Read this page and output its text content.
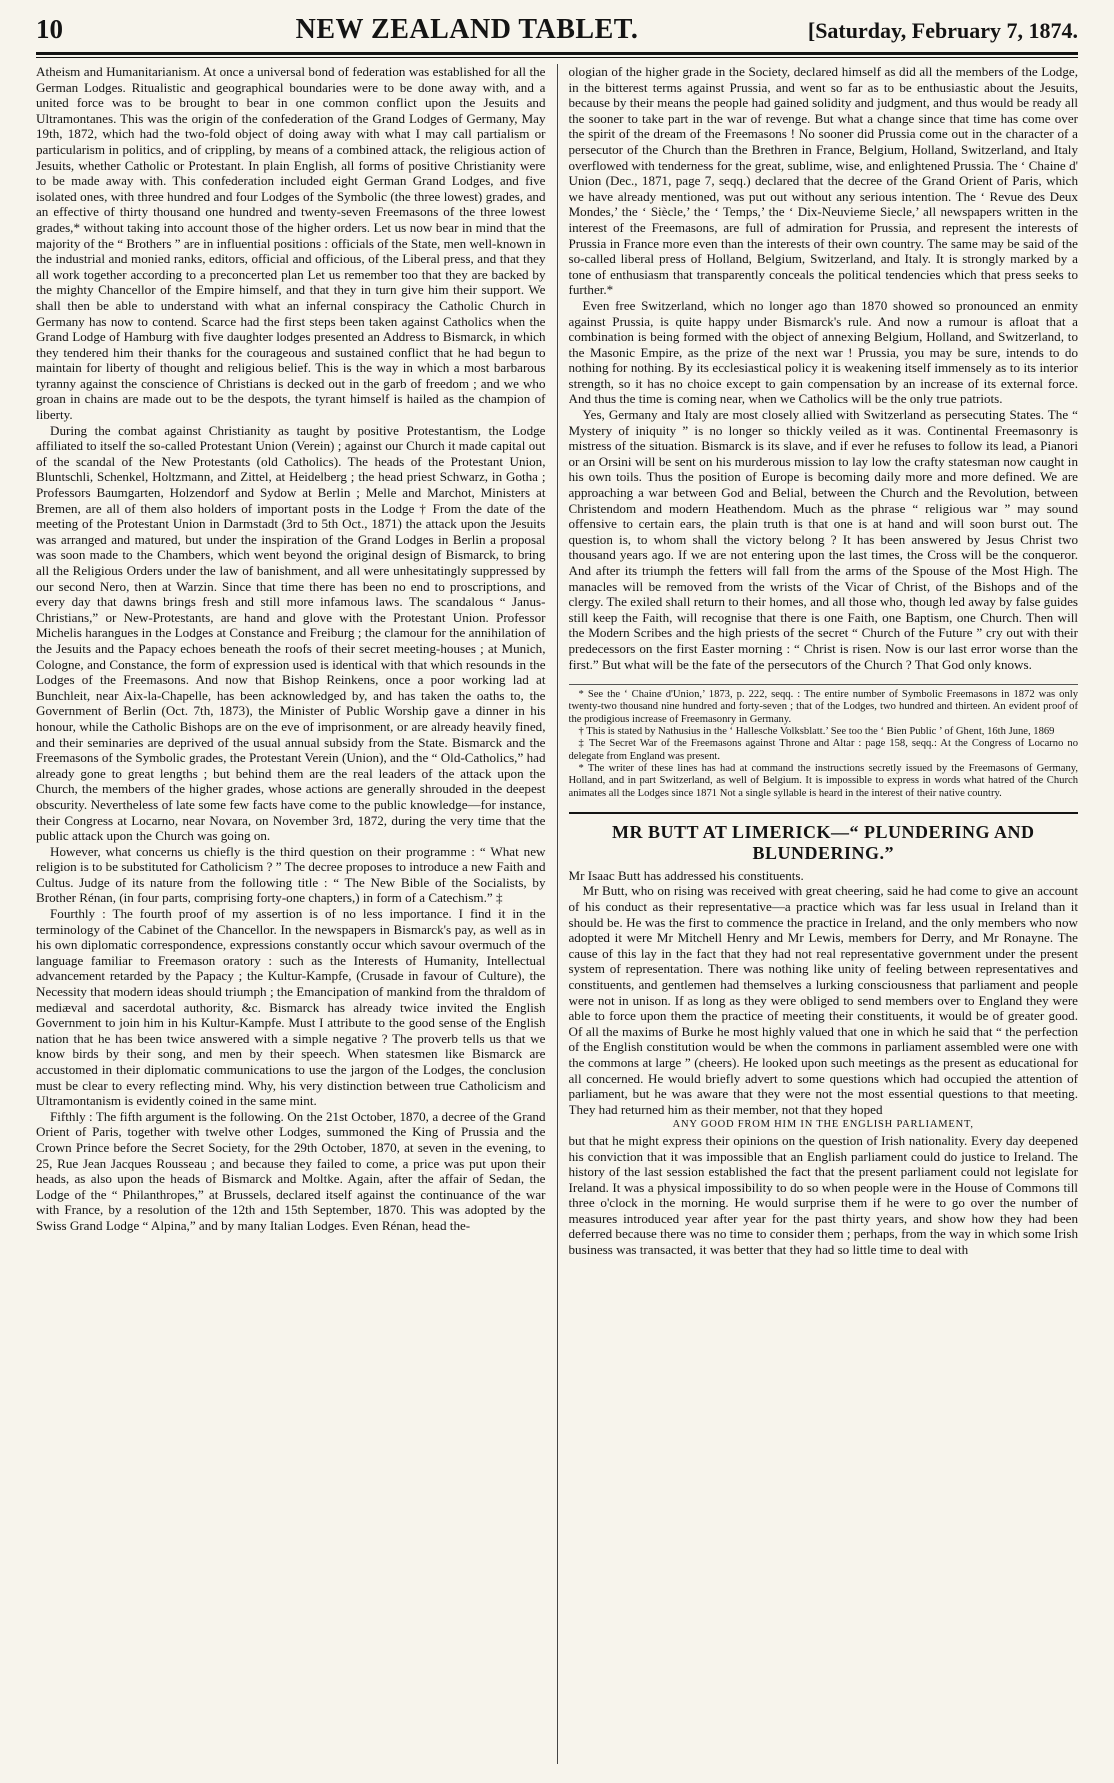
10	NEW ZEALAND TABLET.	[Saturday, February 7, 1874.

Atheism and Humanitarianism. At once a universal bond of federation was established for all the German Lodges. Ritualistic and geographical boundaries were to be done away with, and a united force was to be brought to bear in one common conflict upon the Jesuits and Ultramontanes. This was the origin of the confederation of the Grand Lodges of Germany, May 19th, 1872, which had the two-fold object of doing away with what I may call partialism or particularism in politics, and of crippling, by means of a combined attack, the religious action of Jesuits, whether Catholic or Protestant. In plain English, all forms of positive Christianity were to be made away with. This confederation included eight German Grand Lodges, and five isolated ones, with three hundred and four Lodges of the Symbolic (the three lowest) grades, and an effective of thirty thousand one hundred and twenty-seven Freemasons of the three lowest grades,* without taking into account those of the higher orders. Let us now bear in mind that the majority of the “ Brothers ” are in influential positions : officials of the State, men well-known in the industrial and monied ranks, editors, official and officious, of the Liberal press, and that they all work together according to a preconcerted plan Let us remember too that they are backed by the mighty Chancellor of the Empire himself, and that they in turn give him their support. We shall then be able to understand with what an infernal conspiracy the Catholic Church in Germany has now to contend. Scarce had the first steps been taken against Catholics when the Grand Lodge of Hamburg with five daughter lodges presented an Address to Bismarck, in which they tendered him their thanks for the courageous and sustained conflict that he had begun to maintain for liberty of thought and religious belief. This is the way in which a most barbarous tyranny against the conscience of Christians is decked out in the garb of freedom ; and we who groan in chains are made out to be the despots, the tyrant himself is hailed as the champion of liberty.

During the combat against Christianity as taught by positive Protestantism, the Lodge affiliated to itself the so-called Protestant Union (Verein) ; against our Church it made capital out of the scandal of the New Protestants (old Catholics). The heads of the Protestant Union, Bluntschli, Schenkel, Holtzmann, and Zittel, at Heidelberg ; the head priest Schwarz, in Gotha ; Professors Baumgarten, Holzendorf and Sydow at Berlin ; Melle and Marchot, Ministers at Bremen, are all of them also holders of important posts in the Lodge † From the date of the meeting of the Protestant Union in Darmstadt (3rd to 5th Oct., 1871) the attack upon the Jesuits was arranged and matured, but under the inspiration of the Grand Lodges in Berlin a proposal was soon made to the Chambers, which went beyond the original design of Bismarck, to bring all the Religious Orders under the law of banishment, and all were unhesitatingly suppressed by our second Nero, then at Warzin. Since that time there has been no end to proscriptions, and every day that dawns brings fresh and still more infamous laws. The scandalous “ Janus-Christians,” or New-Protestants, are hand and glove with the Protestant Union. Professor Michelis harangues in the Lodges at Constance and Freiburg ; the clamour for the annihilation of the Jesuits and the Papacy echoes beneath the roofs of their secret meeting-houses ; at Munich, Cologne, and Constance, the form of expression used is identical with that which resounds in the Lodges of the Freemasons. And now that Bishop Reinkens, once a poor working lad at Bunchleit, near Aix-la-Chapelle, has been acknowledged by, and has taken the oaths to, the Government of Berlin (Oct. 7th, 1873), the Minister of Public Worship gave a dinner in his honour, while the Catholic Bishops are on the eve of imprisonment, or are already heavily fined, and their seminaries are deprived of the usual annual subsidy from the State. Bismarck and the Freemasons of the Symbolic grades, the Protestant Verein (Union), and the “ Old-Catholics,” had already gone to great lengths ; but behind them are the real leaders of the attack upon the Church, the members of the higher grades, whose actions are generally shrouded in the deepest obscurity. Nevertheless of late some few facts have come to the public knowledge—for instance, their Congress at Locarno, near Novara, on November 3rd, 1872, during the very time that the public attack upon the Church was going on.

However, what concerns us chiefly is the third question on their programme : “ What new religion is to be substituted for Catholicism ? ” The decree proposes to introduce a new Faith and Cultus. Judge of its nature from the following title : “ The New Bible of the Socialists, by Brother Rénan, (in four parts, comprising forty-one chapters,) in form of a Catechism.” ‡

Fourthly : The fourth proof of my assertion is of no less importance. I find it in the terminology of the Cabinet of the Chancellor. In the newspapers in Bismarck's pay, as well as in his own diplomatic correspondence, expressions constantly occur which savour overmuch of the language familiar to Freemason oratory : such as the Interests of Humanity, Intellectual advancement retarded by the Papacy ; the Kultur-Kampfe, (Crusade in favour of Culture), the Necessity that modern ideas should triumph ; the Emancipation of mankind from the thraldom of mediæval and sacerdotal authority, &c. Bismarck has already twice invited the English Government to join him in his Kultur-Kampfe. Must I attribute to the good sense of the English nation that he has been twice answered with a simple negative ? The proverb tells us that we know birds by their song, and men by their speech. When statesmen like Bismarck are accustomed in their diplomatic communications to use the jargon of the Lodges, the conclusion must be clear to every reflecting mind. Why, his very distinction between true Catholicism and Ultramontanism is evidently coined in the same mint.

Fifthly : The fifth argument is the following. On the 21st October, 1870, a decree of the Grand Orient of Paris, together with twelve other Lodges, summoned the King of Prussia and the Crown Prince before the Secret Society, for the 29th October, 1870, at seven in the evening, to 25, Rue Jean Jacques Rousseau ; and because they failed to come, a price was put upon their heads, as also upon the heads of Bismarck and Moltke. Again, after the affair of Sedan, the Lodge of the “ Philanthropes,” at Brussels, declared itself against the continuance of the war with France, by a resolution of the 12th and 15th September, 1870. This was adopted by the Swiss Grand Lodge “ Alpina,” and by many Italian Lodges. Even Rénan, head the-

ologian of the higher grade in the Society, declared himself as did all the members of the Lodge, in the bitterest terms against Prussia, and went so far as to be enthusiastic about the Jesuits, because by their means the people had gained solidity and judgment, and thus would be ready all the sooner to take part in the war of revenge. But what a change since that time has come over the spirit of the dream of the Freemasons ! No sooner did Prussia come out in the character of a persecutor of the Church than the Brethren in France, Belgium, Holland, Switzerland, and Italy overflowed with tenderness for the great, sublime, wise, and enlightened Prussia. The ‘ Chaine d' Union (Dec., 1871, page 7, seqq.) declared that the decree of the Grand Orient of Paris, which we have already mentioned, was put out without any serious intention. The ‘ Revue des Deux Mondes,’ the ‘ Siècle,’ the ‘ Temps,’ the ‘ Dix-Neuvieme Siecle,’ all newspapers written in the interest of the Freemasons, are full of admiration for Prussia, and represent the interests of Prussia in France more even than the interests of their own country. The same may be said of the so-called liberal press of Holland, Belgium, Switzerland, and Italy. It is strongly marked by a tone of enthusiasm that transparently conceals the political tendencies which that press seeks to further.*

Even free Switzerland, which no longer ago than 1870 showed so pronounced an enmity against Prussia, is quite happy under Bismarck's rule. And now a rumour is afloat that a combination is being formed with the object of annexing Belgium, Holland, and Switzerland, to the Masonic Empire, as the prize of the next war ! Prussia, you may be sure, intends to do nothing for nothing. By its ecclesiastical policy it is weakening itself immensely as to its interior strength, so it has no choice except to gain compensation by an increase of its external force. And thus the time is coming near, when we Catholics will be the only true patriots.

Yes, Germany and Italy are most closely allied with Switzerland as persecuting States. The “ Mystery of iniquity ” is no longer so thickly veiled as it was. Continental Freemasonry is mistress of the situation. Bismarck is its slave, and if ever he refuses to follow its lead, a Pianori or an Orsini will be sent on his murderous mission to lay low the crafty statesman now caught in his own toils. Thus the position of Europe is becoming daily more and more defined. We are approaching a war between God and Belial, between the Church and the Revolution, between Christendom and modern Heathendom. Much as the phrase “ religious war ” may sound offensive to certain ears, the plain truth is that one is at hand and will soon burst out. The question is, to whom shall the victory belong ? It has been answered by Jesus Christ two thousand years ago. If we are not entering upon the last times, the Cross will be the conqueror. And after its triumph the fetters will fall from the arms of the Spouse of the Most High. The manacles will be removed from the wrists of the Vicar of Christ, of the Bishops and of the clergy. The exiled shall return to their homes, and all those who, though led away by false guides still keep the Faith, will recognise that there is one Faith, one Baptism, one Church. Then will the Modern Scribes and the high priests of the secret “ Church of the Future ” cry out with their predecessors on the first Easter morning : “ Christ is risen. Now is our last error worse than the first.” But what will be the fate of the persecutors of the Church ? That God only knows.

* See the ‘ Chaine d'Union,’ 1873, p. 222, seqq. : The entire number of Symbolic Freemasons in 1872 was only twenty-two thousand nine hundred and forty-seven ; that of the Lodges, two hundred and thirteen. An evident proof of the prodigious increase of Freemasonry in Germany.

† This is stated by Nathusius in the ‘ Hallesche Volksblatt.’ See too the ‘ Bien Public ’ of Ghent, 16th June, 1869

‡ The Secret War of the Freemasons against Throne and Altar : page 158, seqq.: At the Congress of Locarno no delegate from England was present.

* The writer of these lines has had at command the instructions secretly issued by the Freemasons of Germany, Holland, and in part Switzerland, as well of Belgium. It is impossible to express in words what hatred of the Church animates all the Lodges since 1871 Not a single syllable is heard in the interest of their native country.

MR BUTT AT LIMERICK—“ PLUNDERING AND BLUNDERING.”

Mr Isaac Butt has addressed his constituents.

Mr Butt, who on rising was received with great cheering, said he had come to give an account of his conduct as their representative—a practice which was far less usual in Ireland than it should be. He was the first to commence the practice in Ireland, and the only members who now adopted it were Mr Mitchell Henry and Mr Lewis, members for Derry, and Mr Ronayne. The cause of this lay in the fact that they had not real representative government under the present system of representation. There was nothing like unity of feeling between representatives and constituents, and gentlemen had themselves a lurking consciousness that parliament and people were not in unison. If as long as they were obliged to send members over to England they were able to force upon them the practice of meeting their constituents, it would be of greater good. Of all the maxims of Burke he most highly valued that one in which he said that “ the perfection of the English constitution would be when the commons in parliament assembled were one with the commons at large ” (cheers). He looked upon such meetings as the present as educational for all concerned. He would briefly advert to some questions which had occupied the attention of parliament, but he was aware that they were not the most essential questions to that meeting. They had returned him as their member, not that they hoped

ANY GOOD FROM HIM IN THE ENGLISH PARLIAMENT,

but that he might express their opinions on the question of Irish nationality. Every day deepened his conviction that it was impossible that an English parliament could do justice to Ireland. The history of the last session established the fact that the present parliament could not legislate for Ireland. It was a physical impossibility to do so when people were in the House of Commons till three o'clock in the morning. He would surprise them if he were to go over the number of measures introduced year after year for the past thirty years, and show how they had been deferred because there was no time to consider them ; perhaps, from the way in which some Irish business was transacted, it was better that they had so little time to deal with
